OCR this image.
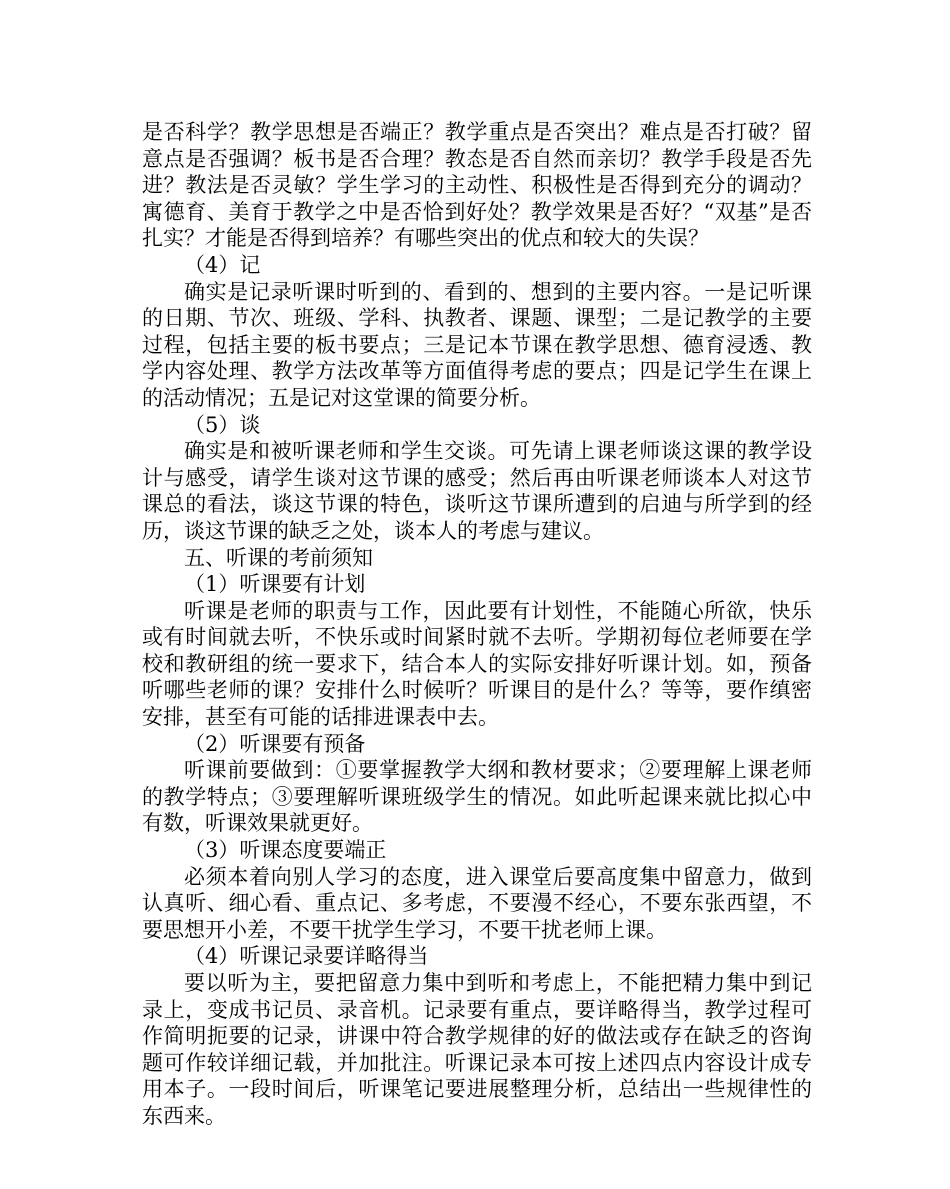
是否科学？教学思想是否端正？教学重点是否突出？难点是否打破？留意点是否强调？板书是否合理？教态是否自然而亲切？教学手段是否先进？教法是否灵敏？学生学习的主动性、积极性是否得到充分的调动？寓德育、美育于教学之中是否恰到好处？教学效果是否好？“双基”是否扎实？才能是否得到培养？有哪些突出的优点和较大的失误？

（4）记

确实是记录听课时听到的、看到的、想到的主要内容。一是记听课的日期、节次、班级、学科、执教者、课题、课型；二是记教学的主要过程，包括主要的板书要点；三是记本节课在教学思想、德育浸透、教学内容处理、教学方法改革等方面值得考虑的要点；四是记学生在课上的活动情况；五是记对这堂课的简要分析。

（5）谈

确实是和被听课老师和学生交谈。可先请上课老师谈这课的教学设计与感受，请学生谈对这节课的感受；然后再由听课老师谈本人对这节课总的看法，谈这节课的特色，谈听这节课所遭到的启迪与所学到的经历，谈这节课的缺乏之处，谈本人的考虑与建议。

五、听课的考前须知

（1）听课要有计划

听课是老师的职责与工作，因此要有计划性，不能随心所欲，快乐或有时间就去听，不快乐或时间紧时就不去听。学期初每位老师要在学校和教研组的统一要求下，结合本人的实际安排好听课计划。如，预备听哪些老师的课？安排什么时候听？听课目的是什么？等等，要作缜密安排，甚至有可能的话排进课表中去。

（2）听课要有预备

听课前要做到：①要掌握教学大纲和教材要求；②要理解上课老师的教学特点；③要理解听课班级学生的情况。如此听起课来就比拟心中有数，听课效果就更好。

（3）听课态度要端正

必须本着向别人学习的态度，进入课堂后要高度集中留意力，做到认真听、细心看、重点记、多考虑，不要漫不经心，不要东张西望，不要思想开小差，不要干扰学生学习，不要干扰老师上课。

（4）听课记录要详略得当

要以听为主，要把留意力集中到听和考虑上，不能把精力集中到记录上，变成书记员、录音机。记录要有重点，要详略得当，教学过程可作简明扼要的记录，讲课中符合教学规律的好的做法或存在缺乏的咨询题可作较详细记载，并加批注。听课记录本可按上述四点内容设计成专用本子。一段时间后，听课笔记要进展整理分析，总结出一些规律性的东西来。
